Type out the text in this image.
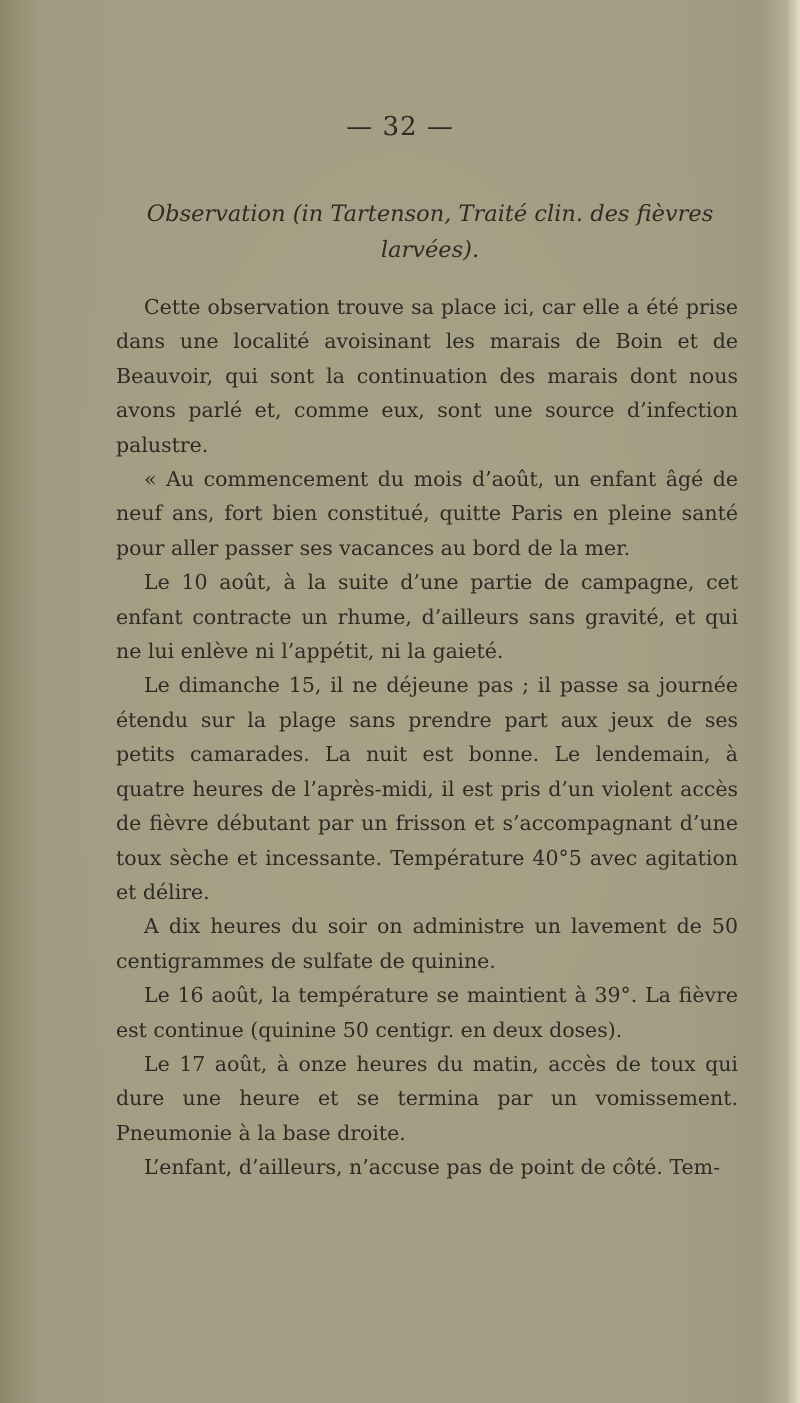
— 32 —
Observation (in Tartenson, Traité clin. des fièvres
larvées).

Cette observation trouve sa place ici, car elle a été prise dans une localité avoisinant les marais de Boin et de Beauvoir, qui sont la continuation des marais dont nous avons parlé et, comme eux, sont une source d’infection palustre.

« Au commencement du mois d’août, un enfant âgé de neuf ans, fort bien constitué, quitte Paris en pleine santé pour aller passer ses vacances au bord de la mer.

Le 10 août, à la suite d’une partie de campagne, cet enfant contracte un rhume, d’ailleurs sans gravité, et qui ne lui enlève ni l’appétit, ni la gaieté.

Le dimanche 15, il ne déjeune pas ; il passe sa journée étendu sur la plage sans prendre part aux jeux de ses petits camarades. La nuit est bonne. Le lendemain, à quatre heures de l’après-midi, il est pris d’un violent accès de fièvre débutant par un frisson et s’accompagnant d’une toux sèche et incessante. Température 40°5 avec agitation et délire.

A dix heures du soir on administre un lavement de 50 centigrammes de sulfate de quinine.

Le 16 août, la température se maintient à 39°. La fièvre est continue (quinine 50 centigr. en deux doses).

Le 17 août, à onze heures du matin, accès de toux qui dure une heure et se termina par un vomissement. Pneumonie à la base droite.

L’enfant, d’ailleurs, n’accuse pas de point de côté. Tem-
